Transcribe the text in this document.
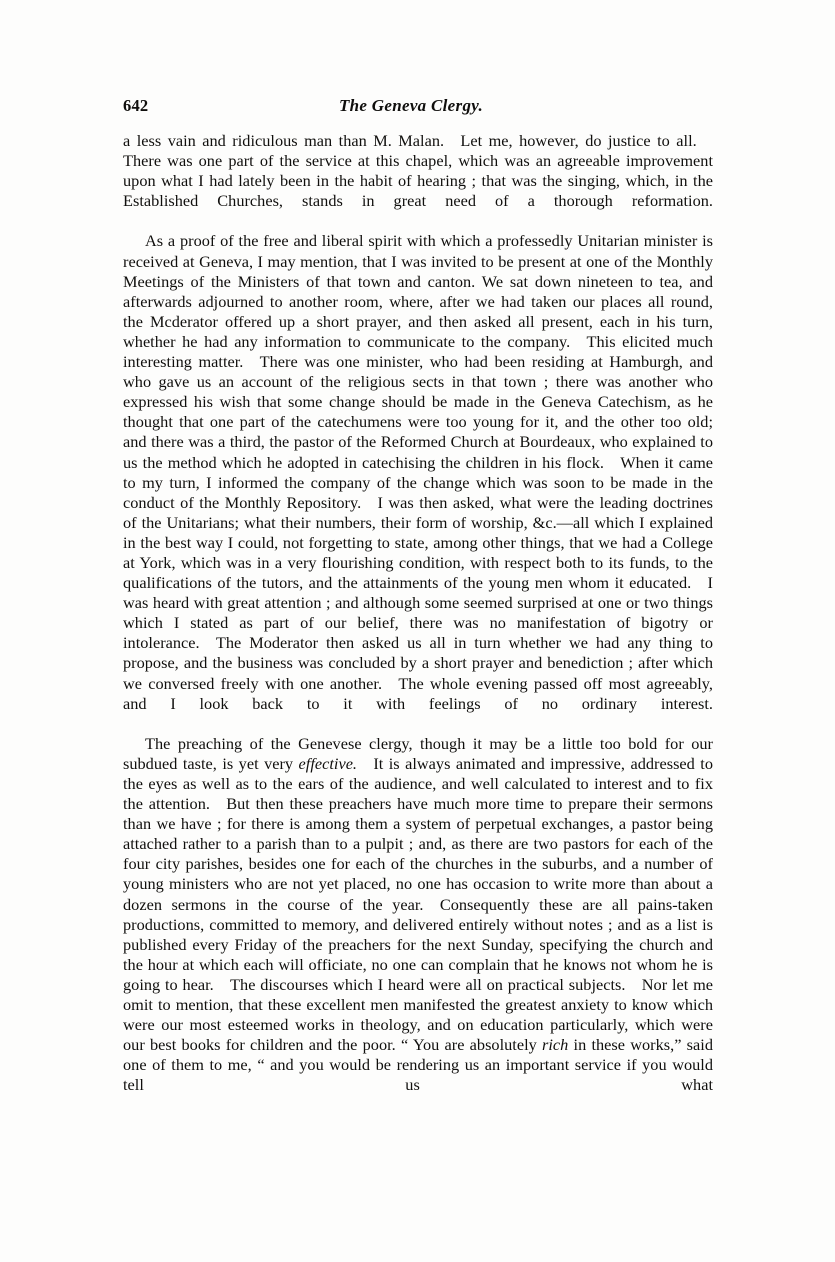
642	The Geneva Clergy.

a less vain and ridiculous man than M. Malan. Let me, however, do justice to all. There was one part of the service at this chapel, which was an agreeable improvement upon what I had lately been in the habit of hearing ; that was the singing, which, in the Established Churches, stands in great need of a thorough reformation.

As a proof of the free and liberal spirit with which a professedly Unitarian minister is received at Geneva, I may mention, that I was invited to be present at one of the Monthly Meetings of the Ministers of that town and canton. We sat down nineteen to tea, and afterwards adjourned to another room, where, after we had taken our places all round, the Mcderator offered up a short prayer, and then asked all present, each in his turn, whether he had any information to communicate to the company. This elicited much interesting matter. There was one minister, who had been residing at Hamburgh, and who gave us an account of the religious sects in that town ; there was another who expressed his wish that some change should be made in the Geneva Catechism, as he thought that one part of the catechumens were too young for it, and the other too old; and there was a third, the pastor of the Reformed Church at Bourdeaux, who explained to us the method which he adopted in catechising the children in his flock. When it came to my turn, I informed the company of the change which was soon to be made in the conduct of the Monthly Repository. I was then asked, what were the leading doctrines of the Unitarians; what their numbers, their form of worship, &c.—all which I explained in the best way I could, not forgetting to state, among other things, that we had a College at York, which was in a very flourishing condition, with respect both to its funds, to the qualifications of the tutors, and the attainments of the young men whom it educated. I was heard with great attention ; and although some seemed surprised at one or two things which I stated as part of our belief, there was no manifestation of bigotry or intolerance. The Moderator then asked us all in turn whether we had any thing to propose, and the business was concluded by a short prayer and benediction ; after which we conversed freely with one another. The whole evening passed off most agreeably, and I look back to it with feelings of no ordinary interest.

The preaching of the Genevese clergy, though it may be a little too bold for our subdued taste, is yet very effective. It is always animated and impressive, addressed to the eyes as well as to the ears of the audience, and well calculated to interest and to fix the attention. But then these preachers have much more time to prepare their sermons than we have ; for there is among them a system of perpetual exchanges, a pastor being attached rather to a parish than to a pulpit ; and, as there are two pastors for each of the four city parishes, besides one for each of the churches in the suburbs, and a number of young ministers who are not yet placed, no one has occasion to write more than about a dozen sermons in the course of the year. Consequently these are all pains-taken productions, committed to memory, and delivered entirely without notes ; and as a list is published every Friday of the preachers for the next Sunday, specifying the church and the hour at which each will officiate, no one can complain that he knows not whom he is going to hear. The discourses which I heard were all on practical subjects. Nor let me omit to mention, that these excellent men manifested the greatest anxiety to know which were our most esteemed works in theology, and on education particularly, which were our best books for children and the poor. “ You are absolutely rich in these works,” said one of them to me, “ and you would be rendering us an important service if you would tell us what
